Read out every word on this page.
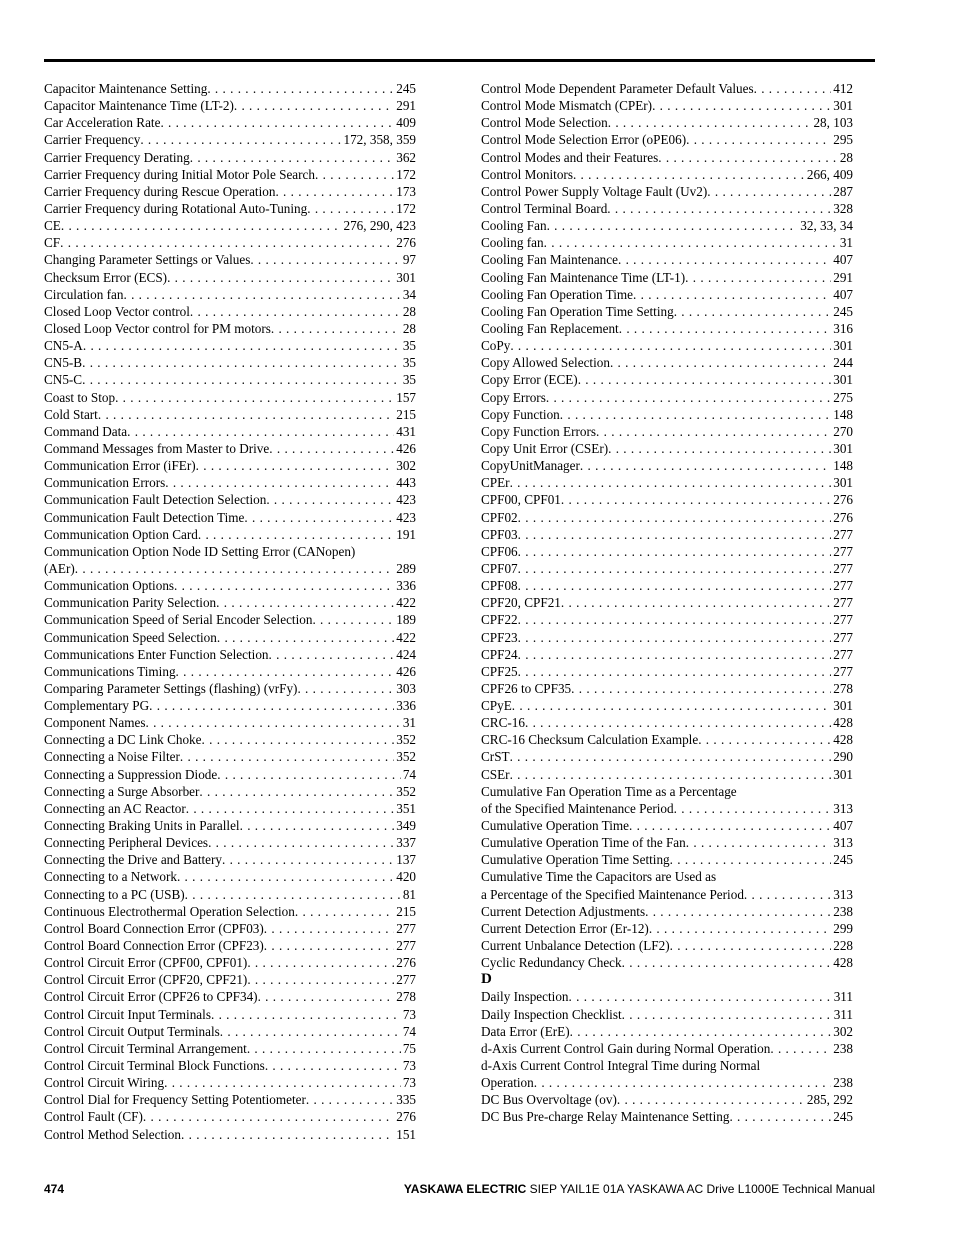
Capacitor Maintenance Setting . . .	245
Capacitor Maintenance Time (LT-2) . . .	291
Car Acceleration Rate . . .	409
Carrier Frequency . . .	172, 358, 359
Carrier Frequency Derating . . .	362
Carrier Frequency during Initial Motor Pole Search . . .	172
Carrier Frequency during Rescue Operation . . .	173
Carrier Frequency during Rotational Auto-Tuning . . .	172
CE . . .	276, 290, 423
CF . . .	276
Changing Parameter Settings or Values . . .	97
Checksum Error (ECS) . . .	301
Circulation fan . . .	34
Closed Loop Vector control . . .	28
Closed Loop Vector control for PM motors . . .	28
CN5-A . . .	35
CN5-B . . .	35
CN5-C . . .	35
Coast to Stop . . .	157
Cold Start . . .	215
Command Data . . .	431
Command Messages from Master to Drive . . .	426
Communication Error (iFEr) . . .	302
Communication Errors . . .	443
Communication Fault Detection Selection . . .	423
Communication Fault Detection Time . . .	423
Communication Option Card . . .	191
Communication Option Node ID Setting Error (CANopen)
(AEr) . . .	289
Communication Options . . .	336
Communication Parity Selection . . .	422
Communication Speed of Serial Encoder Selection . . .	189
Communication Speed Selection . . .	422
Communications Enter Function Selection . . .	424
Communications Timing . . .	426
Comparing Parameter Settings (flashing) (vrFy) . . .	303
Complementary PG . . .	336
Component Names . . .	31
Connecting a DC Link Choke . . .	352
Connecting a Noise Filter . . .	352
Connecting a Suppression Diode . . .	74
Connecting a Surge Absorber . . .	352
Connecting an AC Reactor . . .	351
Connecting Braking Units in Parallel . . .	349
Connecting Peripheral Devices . . .	337
Connecting the Drive and Battery . . .	137
Connecting to a Network . . .	420
Connecting to a PC (USB) . . .	81
Continuous Electrothermal Operation Selection . . .	215
Control Board Connection Error (CPF03) . . .	277
Control Board Connection Error (CPF23) . . .	277
Control Circuit Error (CPF00, CPF01) . . .	276
Control Circuit Error (CPF20, CPF21) . . .	277
Control Circuit Error (CPF26 to CPF34) . . .	278
Control Circuit Input Terminals . . .	73
Control Circuit Output Terminals . . .	74
Control Circuit Terminal Arrangement . . .	75
Control Circuit Terminal Block Functions . . .	73
Control Circuit Wiring . . .	73
Control Dial for Frequency Setting Potentiometer . . .	335
Control Fault (CF) . . .	276
Control Method Selection . . .	151
Control Mode Dependent Parameter Default Values . . .	412
Control Mode Mismatch (CPEr) . . .	301
Control Mode Selection . . .	28, 103
Control Mode Selection Error (oPE06) . . .	295
Control Modes and their Features . . .	28
Control Monitors . . .	266, 409
Control Power Supply Voltage Fault (Uv2) . . .	287
Control Terminal Board . . .	328
Cooling Fan . . .	32, 33, 34
Cooling fan . . .	31
Cooling Fan Maintenance . . .	407
Cooling Fan Maintenance Time (LT-1) . . .	291
Cooling Fan Operation Time . . .	407
Cooling Fan Operation Time Setting . . .	245
Cooling Fan Replacement . . .	316
CoPy . . .	301
Copy Allowed Selection . . .	244
Copy Error (ECE) . . .	301
Copy Errors . . .	275
Copy Function . . .	148
Copy Function Errors . . .	270
Copy Unit Error (CSEr) . . .	301
CopyUnitManager . . .	148
CPEr . . .	301
CPF00, CPF01 . . .	276
CPF02 . . .	276
CPF03 . . .	277
CPF06 . . .	277
CPF07 . . .	277
CPF08 . . .	277
CPF20, CPF21 . . .	277
CPF22 . . .	277
CPF23 . . .	277
CPF24 . . .	277
CPF25 . . .	277
CPF26 to CPF35 . . .	278
CPyE . . .	301
CRC-16 . . .	428
CRC-16 Checksum Calculation Example . . .	428
CrST . . .	290
CSEr . . .	301
Cumulative Fan Operation Time as a Percentage
of the Specified Maintenance Period . . .	313
Cumulative Operation Time . . .	407
Cumulative Operation Time of the Fan . . .	313
Cumulative Operation Time Setting . . .	245
Cumulative Time the Capacitors are Used as
a Percentage of the Specified Maintenance Period . . .	313
Current Detection Adjustments . . .	238
Current Detection Error (Er-12) . . .	299
Current Unbalance Detection (LF2) . . .	228
Cyclic Redundancy Check . . .	428
D
Daily Inspection . . .	311
Daily Inspection Checklist . . .	311
Data Error (ErE) . . .	302
d-Axis Current Control Gain during Normal Operation . . .	238
d-Axis Current Control Integral Time during Normal
Operation . . .	238
DC Bus Overvoltage (ov) . . .	285, 292
DC Bus Pre-charge Relay Maintenance Setting . . .	245
474	YASKAWA ELECTRIC SIEP YAIL1E 01A YASKAWA AC Drive L1000E Technical Manual
